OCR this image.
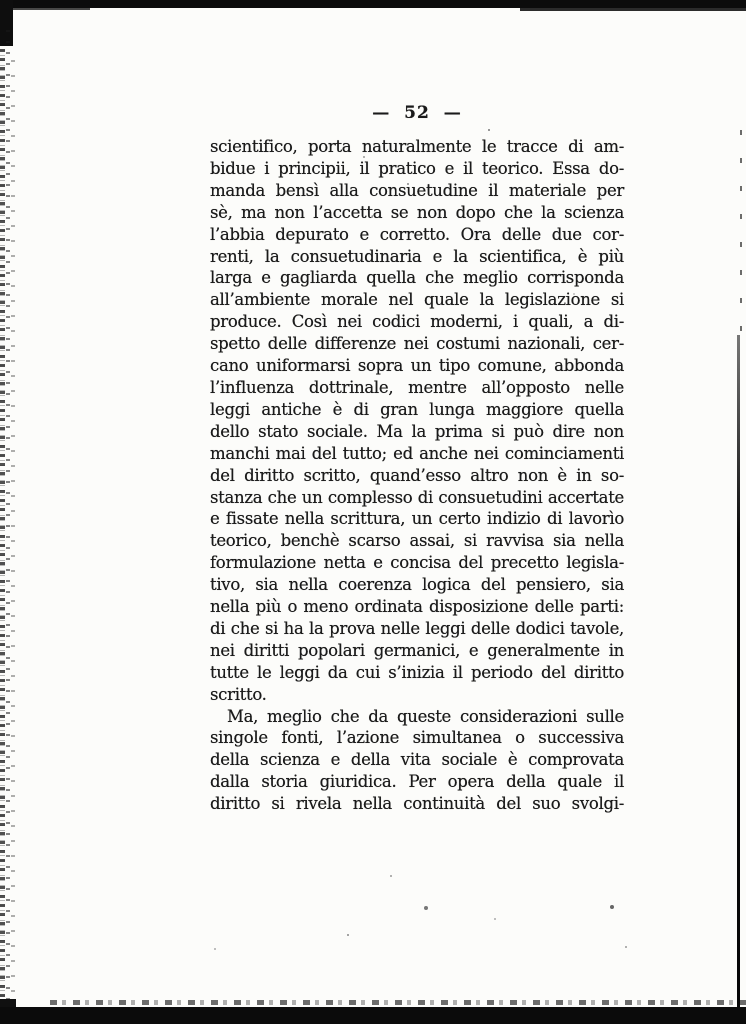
— 52 —
scientifico, porta naturalmente le tracce di am-
bidue i principii, il pratico e il teorico. Essa do-
manda bensì alla consuetudine il materiale per
sè, ma non l’accetta se non dopo che la scienza
l’abbia depurato e corretto. Ora delle due cor-
renti, la consuetudinaria e la scientifica, è più
larga e gagliarda quella che meglio corrisponda
all’ambiente morale nel quale la legislazione si
produce. Così nei codici moderni, i quali, a di-
spetto delle differenze nei costumi nazionali, cer-
cano uniformarsi sopra un tipo comune, abbonda
l’influenza dottrinale, mentre all’opposto nelle
leggi antiche è di gran lunga maggiore quella
dello stato sociale. Ma la prima si può dire non
manchi mai del tutto; ed anche nei cominciamenti
del diritto scritto, quand’esso altro non è in so-
stanza che un complesso di consuetudini accertate
e fissate nella scrittura, un certo indizio di lavorìo
teorico, benchè scarso assai, si ravvisa sia nella
formulazione netta e concisa del precetto legisla-
tivo, sia nella coerenza logica del pensiero, sia
nella più o meno ordinata disposizione delle parti:
di che si ha la prova nelle leggi delle dodici tavole,
nei diritti popolari germanici, e generalmente in
tutte le leggi da cui s’inizia il periodo del diritto
scritto.
Ma, meglio che da queste considerazioni sulle
singole fonti, l’azione simultanea o successiva
della scienza e della vita sociale è comprovata
dalla storia giuridica. Per opera della quale il
diritto si rivela nella continuità del suo svolgi-
